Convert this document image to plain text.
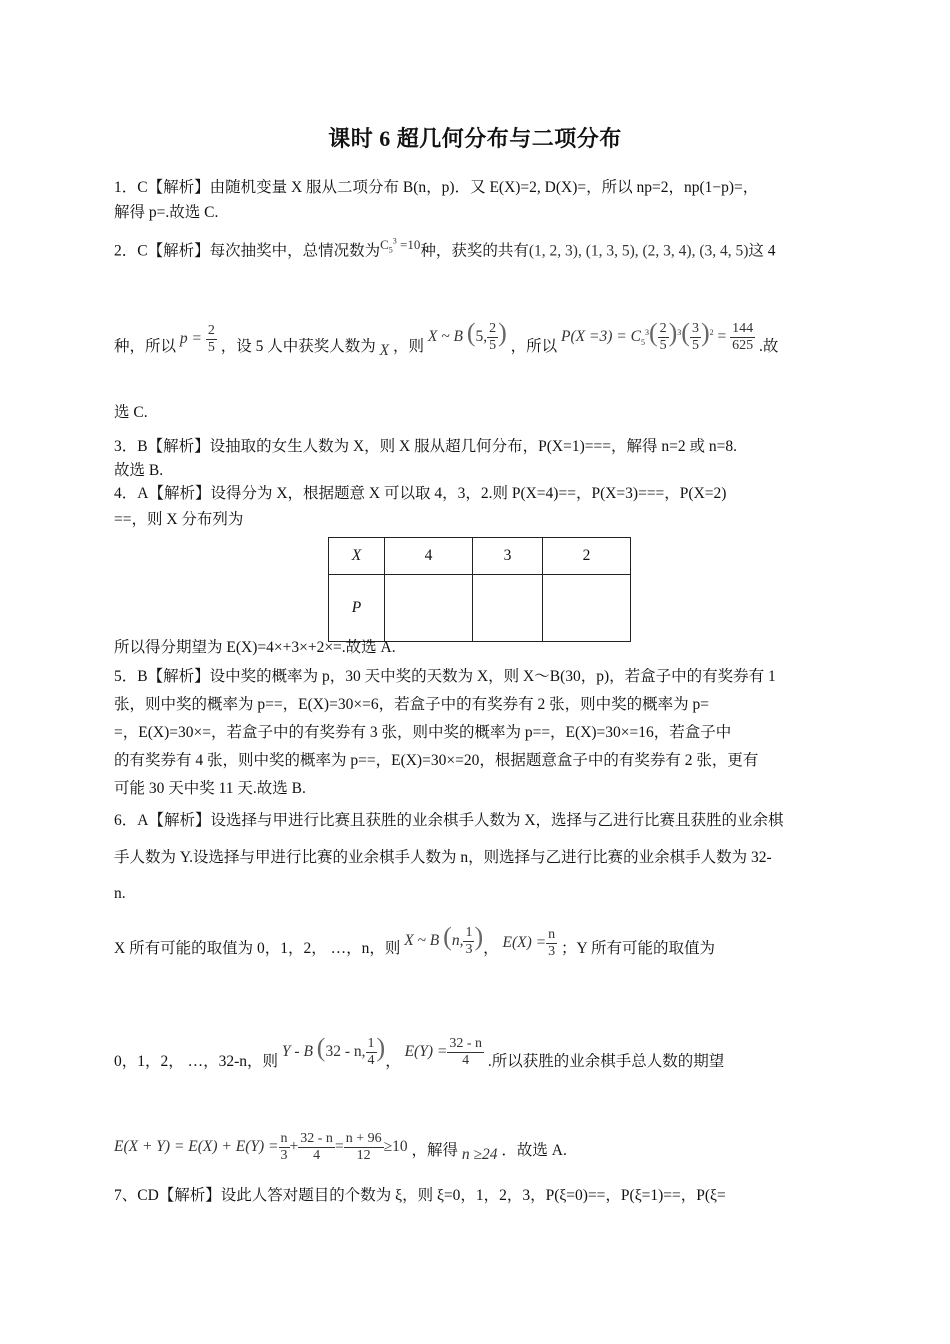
课时 6 超几何分布与二项分布
1．C【解析】由随机变量 X 服从二项分布 B(n，p)．又 E(X)=2, D(X)=，所以 np=2，np(1−p)=，
解得 p=.故选 C.
2．C【解析】每次抽奖中，总情况数为$^{C_5^3 =10}$种，获奖的共有(1, 2, 3), (1, 3, 5), (2, 3, 4), (3, 4, 5)这 4
种，所以 $p = \frac{2}{5}$ ，设 5 人中获奖人数为 X ，则 X ~ B (5, $\frac{2}{5}$ ) ，所以 $P(X =3) = C_5^3( \frac{2}{5} )^3( \frac{3}{5} )^2 = \frac{144}{625}$ .故
选 C.
3．B【解析】设抽取的女生人数为 X，则 X 服从超几何分布，P(X=1)===，解得 n=2 或 n=8.
故选 B.
4．A【解析】设得分为 X，根据题意 X 可以取 4，3，2.则 P(X=4)==，P(X=3)===，P(X=2)
==，则 X 分布列为
X	4	3	2
P			
所以得分期望为 E(X)=4×+3×+2×=.故选 A.
5．B【解析】设中奖的概率为 p，30 天中奖的天数为 X，则 X～B(30，p)，若盒子中的有奖券有 1
张，则中奖的概率为 p==，E(X)=30×=6，若盒子中的有奖券有 2 张，则中奖的概率为 p=
=，E(X)=30×=，若盒子中的有奖券有 3 张，则中奖的概率为 p==，E(X)=30×=16，若盒子中
的有奖券有 4 张，则中奖的概率为 p==，E(X)=30×=20，根据题意盒子中的有奖券有 2 张，更有
可能 30 天中奖 11 天.故选 B.
6．A【解析】设选择与甲进行比赛且获胜的业余棋手人数为 X，选择与乙进行比赛且获胜的业余棋
手人数为 Y.设选择与甲进行比赛的业余棋手人数为 n，则选择与乙进行比赛的业余棋手人数为 32-
n.
X 所有可能的取值为 0，1，2， …，n，则 X ~ B (n, $\frac{1}{3}$ )， $E(X) = \frac{n}{3}$ ；Y 所有可能的取值为
0，1，2， …，32-n，则 Y - B (32 - n, $\frac{1}{4}$ )， $E(Y) = \frac{32 - n}{4}$ .所以获胜的业余棋手总人数的期望
$E(X + Y) = E(X) + E(Y) = \frac{n}{3} + \frac{32 - n}{4} = \frac{n + 96}{12} \ge 10$ ，解得 n ≥24 ．故选 A.
7、CD【解析】设此人答对题目的个数为 ξ，则 ξ=0，1，2，3，P(ξ=0)==，P(ξ=1)==，P(ξ=
